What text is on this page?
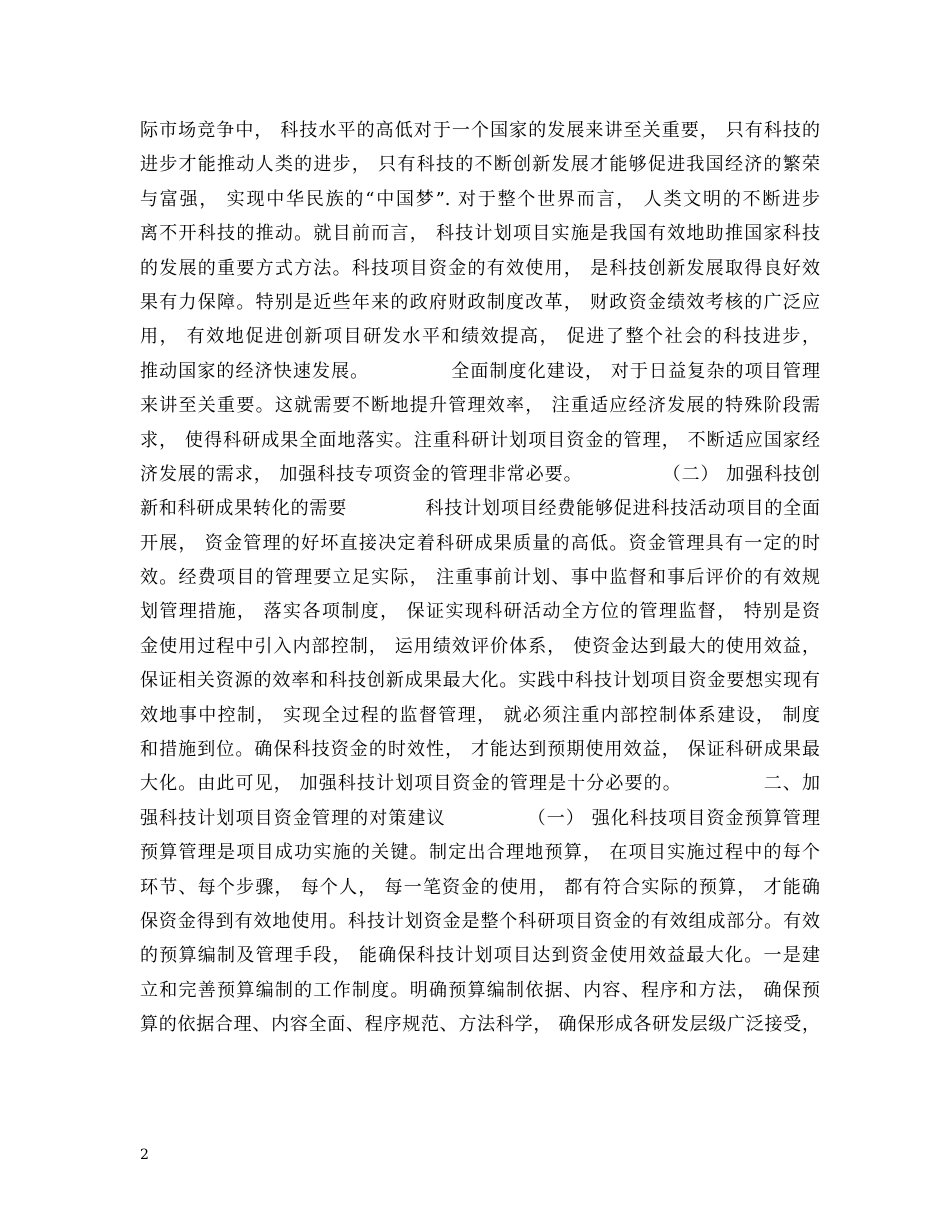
际市场竞争中， 科技水平的高低对于一个国家的发展来讲至关重要， 只有科技的
进步才能推动人类的进步， 只有科技的不断创新发展才能够促进我国经济的繁荣
与富强， 实现中华民族的“中国梦”. 对于整个世界而言， 人类文明的不断进步
离不开科技的推动。就目前而言， 科技计划项目实施是我国有效地助推国家科技
的发展的重要方式方法。科技项目资金的有效使用， 是科技创新发展取得良好效
果有力保障。特别是近些年来的政府财政制度改革， 财政资金绩效考核的广泛应
用， 有效地促进创新项目研发水平和绩效提高， 促进了整个社会的科技进步，
推动国家的经济快速发展。            全面制度化建设， 对于日益复杂的项目管理
来讲至关重要。这就需要不断地提升管理效率， 注重适应经济发展的特殊阶段需
求， 使得科研成果全面地落实。注重科研计划项目资金的管理， 不断适应国家经
济发展的需求， 加强科技专项资金的管理非常必要。            （二） 加强科技创
新和科研成果转化的需要            科技计划项目经费能够促进科技活动项目的全面
开展， 资金管理的好坏直接决定着科研成果质量的高低。资金管理具有一定的时
效。经费项目的管理要立足实际， 注重事前计划、事中监督和事后评价的有效规
划管理措施， 落实各项制度， 保证实现科研活动全方位的管理监督， 特别是资
金使用过程中引入内部控制， 运用绩效评价体系， 使资金达到最大的使用效益，
保证相关资源的效率和科技创新成果最大化。实践中科技计划项目资金要想实现有
效地事中控制， 实现全过程的监督管理， 就必须注重内部控制体系建设， 制度
和措施到位。确保科技资金的时效性， 才能达到预期使用效益， 保证科研成果最
大化。由此可见， 加强科技计划项目资金的管理是十分必要的。            二、加
强科技计划项目资金管理的对策建议            （一） 强化科技项目资金预算管理
预算管理是项目成功实施的关键。制定出合理地预算， 在项目实施过程中的每个
环节、每个步骤， 每个人， 每一笔资金的使用， 都有符合实际的预算， 才能确
保资金得到有效地使用。科技计划资金是整个科研项目资金的有效组成部分。有效
的预算编制及管理手段， 能确保科技计划项目达到资金使用效益最大化。一是建
立和完善预算编制的工作制度。明确预算编制依据、内容、程序和方法， 确保预
算的依据合理、内容全面、程序规范、方法科学， 确保形成各研发层级广泛接受，
2
